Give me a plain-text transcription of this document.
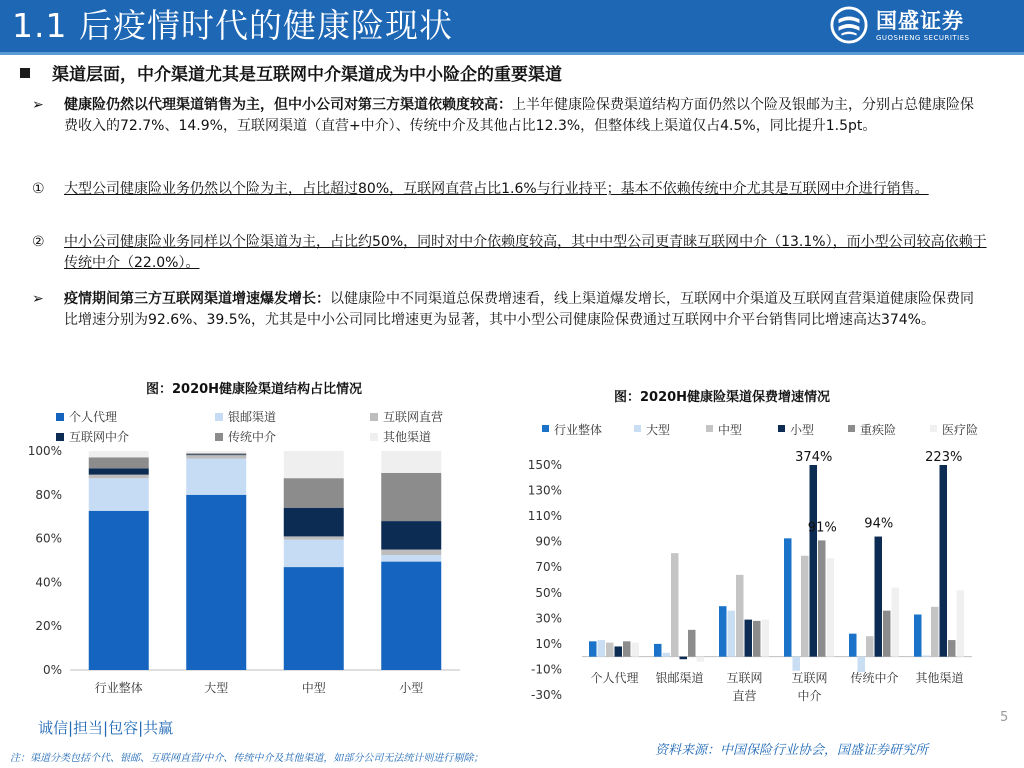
1.1 后疫情时代的健康险现状	国盛证券
GUOSHENG SECURITIES
渠道层面，中介渠道尤其是互联网中介渠道成为中小险企的重要渠道
➢ 健康险仍然以代理渠道销售为主，但中小公司对第三方渠道依赖度较高：上半年健康险保费渠道结构方面仍然以个险及银邮为主，分别占总健康险保费收入的72.7%、14.9%，互联网渠道（直营+中介）、传统中介及其他占比12.3%，但整体线上渠道仅占4.5%，同比提升1.5pt。
① 大型公司健康险业务仍然以个险为主，占比超过80%，互联网直营占比1.6%与行业持平；基本不依赖传统中介尤其是互联网中介进行销售。
② 中小公司健康险业务同样以个险渠道为主，占比约50%，同时对中介依赖度较高，其中中型公司更青睐互联网中介（13.1%），而小型公司较高依赖于传统中介（22.0%）。
➢ 疫情期间第三方互联网渠道增速爆发增长：以健康险中不同渠道总保费增速看，线上渠道爆发增长，互联网中介渠道及互联网直营渠道健康险保费同比增速分别为92.6%、39.5%，尤其是中小公司同比增速更为显著，其中小型公司健康险保费通过互联网中介平台销售同比增速高达374%。
图：2020H健康险渠道结构占比情况
图：2020H健康险渠道保费增速情况
个人代理	银邮渠道	互联网直营
互联网中介	传统中介	其他渠道
0%
20%
40%
60%
80%
100%
行业整体	大型	中型	小型
行业整体	大型	中型	小型	重疾险	医疗险
-30%
-10%
10%
30%
50%
70%
90%
110%
130%
150%
个人代理 银邮渠道 互联网
直营
互联网
中介
传统中介 其他渠道
374%
91% 94%
223%
诚信|担当|包容|共赢
5
注：渠道分类包括个代、银邮、互联网直营/中介、传统中介及其他渠道，如部分公司无法统计则进行剔除；
资料来源：中国保险行业协会，国盛证券研究所
